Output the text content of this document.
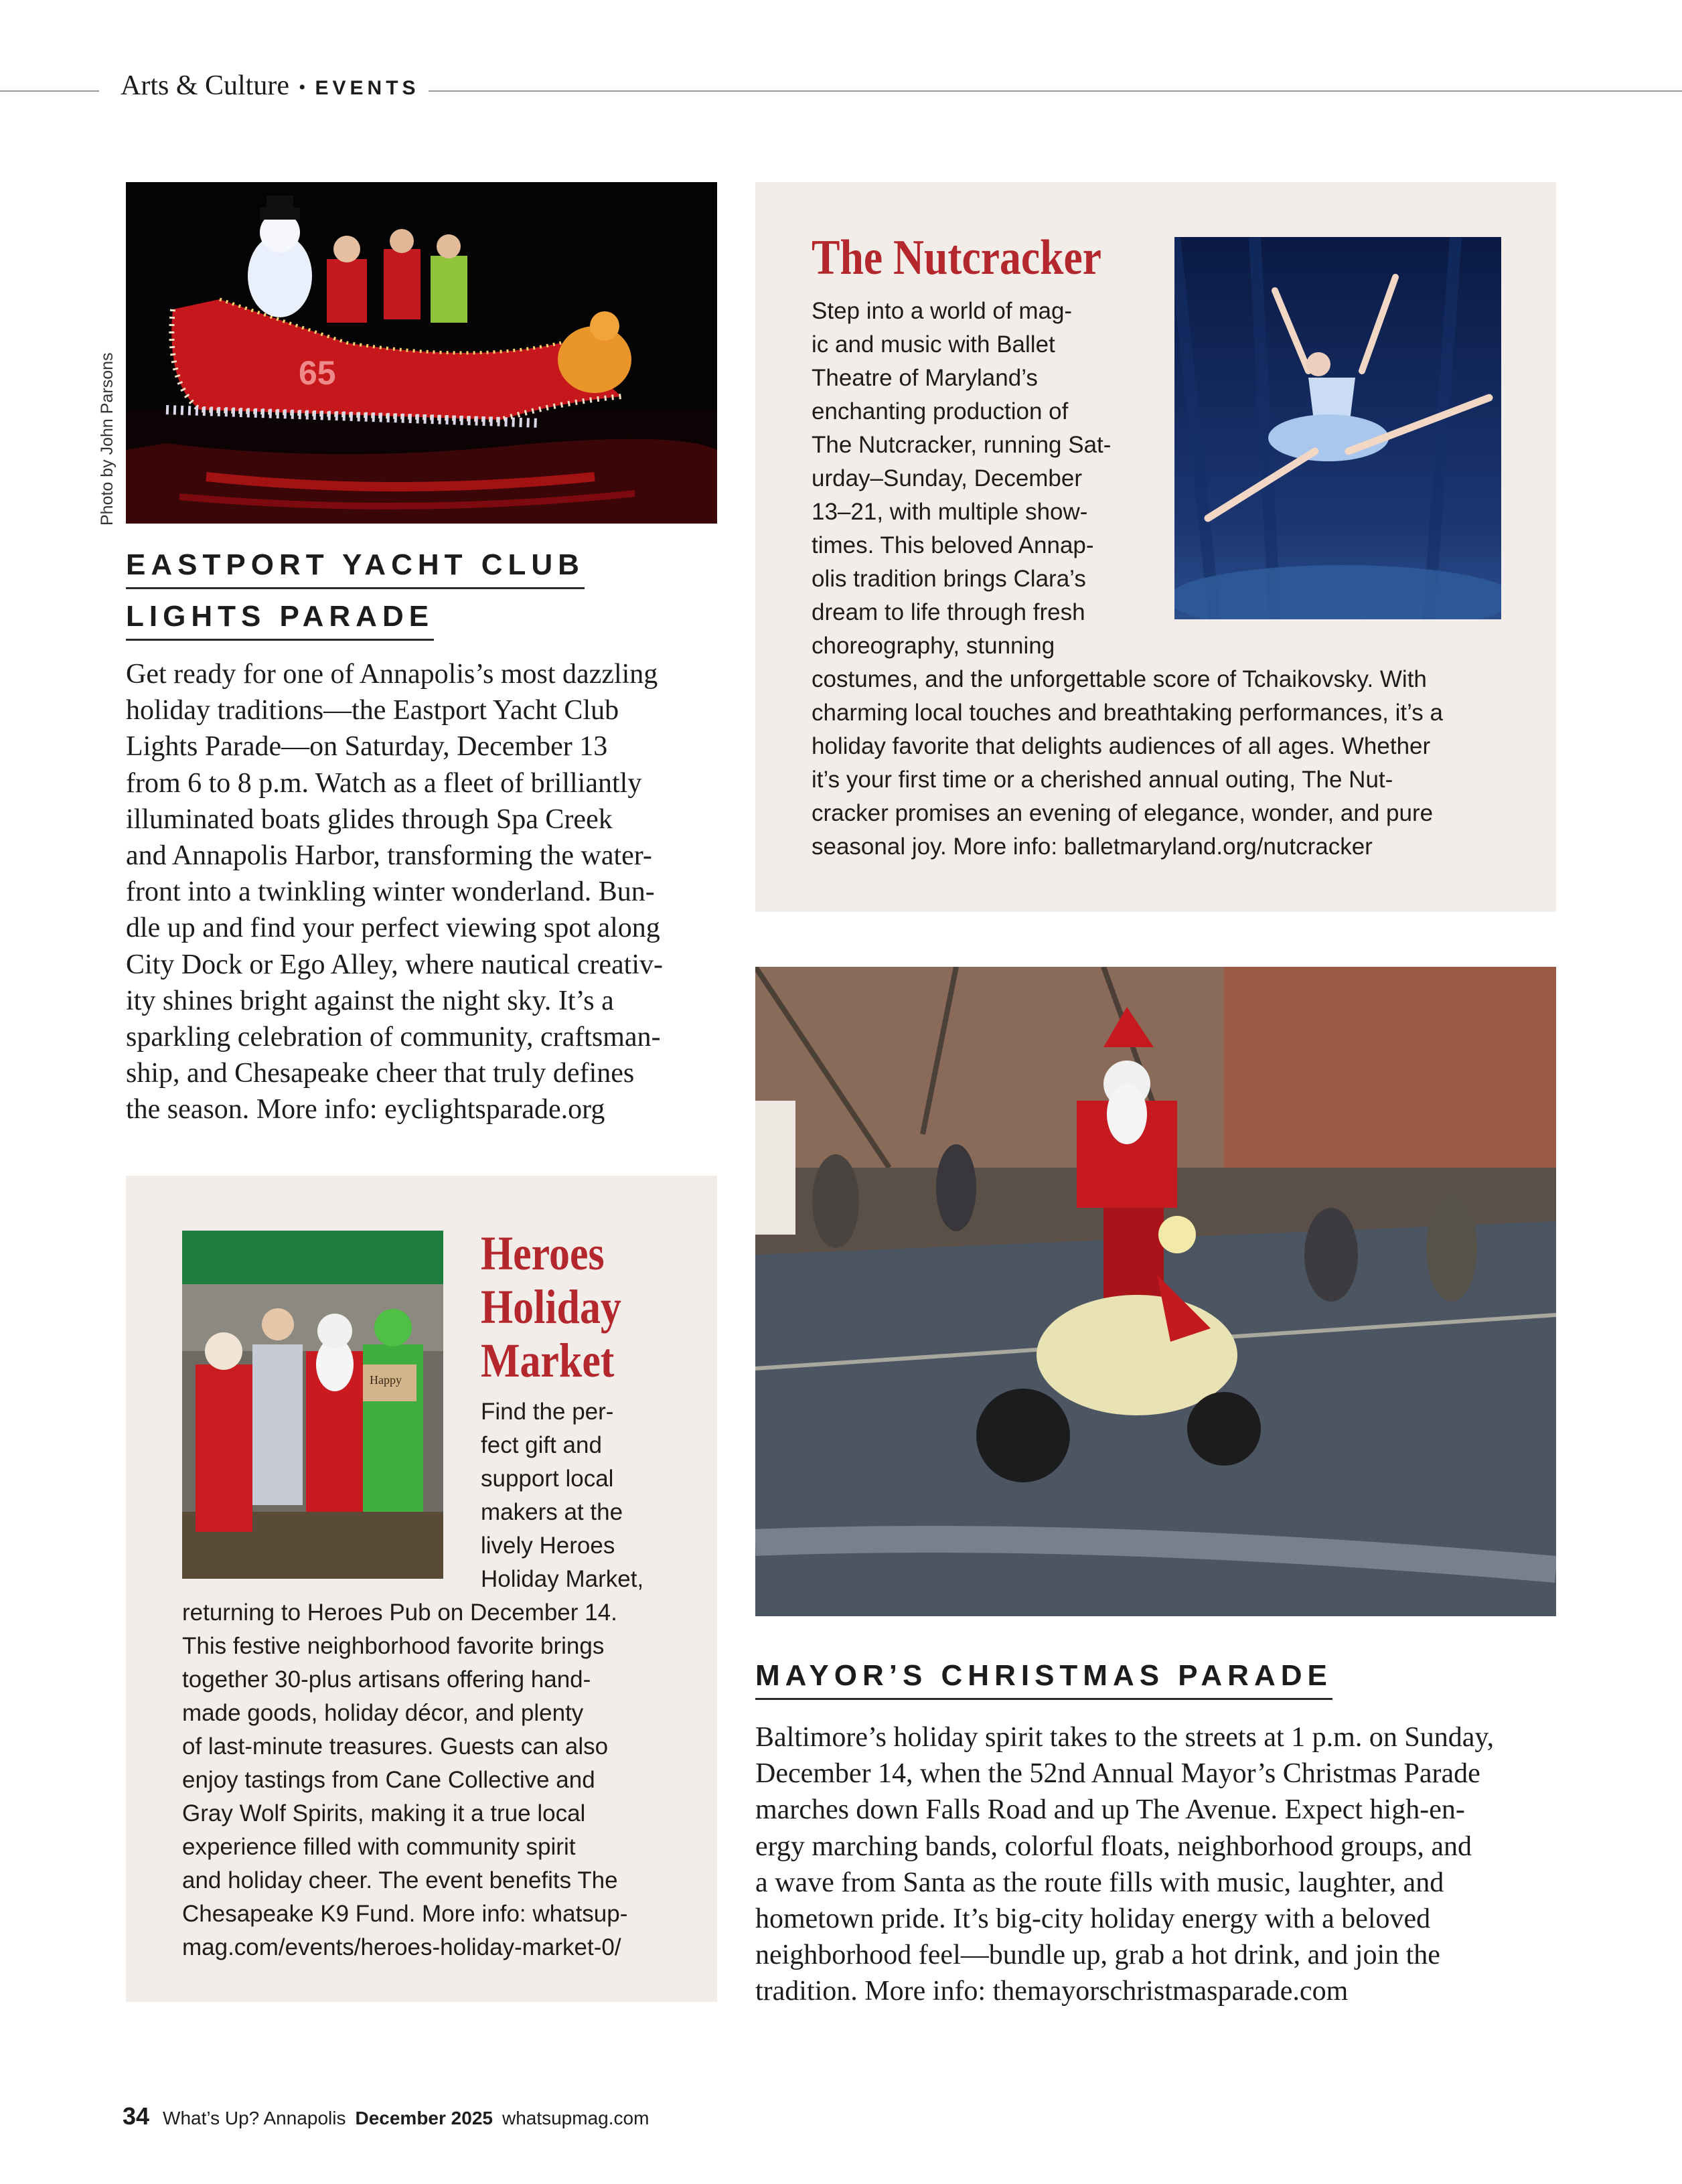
Arts & Culture • EVENTS
Photo by John Parsons	65
EASTPORT YACHT CLUB
LIGHTS PARADE
Get ready for one of Annapolis’s most dazzling
holiday traditions—the Eastport Yacht Club
Lights Parade—on Saturday, December 13
from 6 to 8 p.m. Watch as a fleet of brilliantly
illuminated boats glides through Spa Creek
and Annapolis Harbor, transforming the water-
front into a twinkling winter wonderland. Bun-
dle up and find your perfect viewing spot along
City Dock or Ego Alley, where nautical creativ-
ity shines bright against the night sky. It’s a
sparkling celebration of community, craftsman-
ship, and Chesapeake cheer that truly defines
the season. More info: eyclightsparade.org
The Nutcracker
Step into a world of mag-
ic and music with Ballet
Theatre of Maryland’s
enchanting production of
The Nutcracker, running Sat-
urday–Sunday, December
13–21, with multiple show-
times. This beloved Annap-
olis tradition brings Clara’s
dream to life through fresh
choreography, stunning
costumes, and the unforgettable score of Tchaikovsky. With
charming local touches and breathtaking performances, it’s a
holiday favorite that delights audiences of all ages. Whether
it’s your first time or a cherished annual outing, The Nut-
cracker promises an evening of elegance, wonder, and pure
seasonal joy. More info: balletmaryland.org/nutcracker
MAYOR’S CHRISTMAS PARADE
Baltimore’s holiday spirit takes to the streets at 1 p.m. on Sunday,
December 14, when the 52nd Annual Mayor’s Christmas Parade
marches down Falls Road and up The Avenue. Expect high-en-
ergy marching bands, colorful floats, neighborhood groups, and
a wave from Santa as the route fills with music, laughter, and
hometown pride. It’s big-city holiday energy with a beloved
neighborhood feel—bundle up, grab a hot drink, and join the
tradition. More info: themayorschristmasparade.com
Happy
Heroes
Holiday
Market
Find the per-
fect gift and
support local
makers at the
lively Heroes
Holiday Market,
returning to Heroes Pub on December 14.
This festive neighborhood favorite brings
together 30-plus artisans offering hand-
made goods, holiday décor, and plenty
of last-minute treasures. Guests can also
enjoy tastings from Cane Collective and
Gray Wolf Spirits, making it a true local
experience filled with community spirit
and holiday cheer. The event benefits The
Chesapeake K9 Fund. More info: whatsup-
mag.com/events/heroes-holiday-market-0/
34 What’s Up? Annapolis December 2025 whatsupmag.com
